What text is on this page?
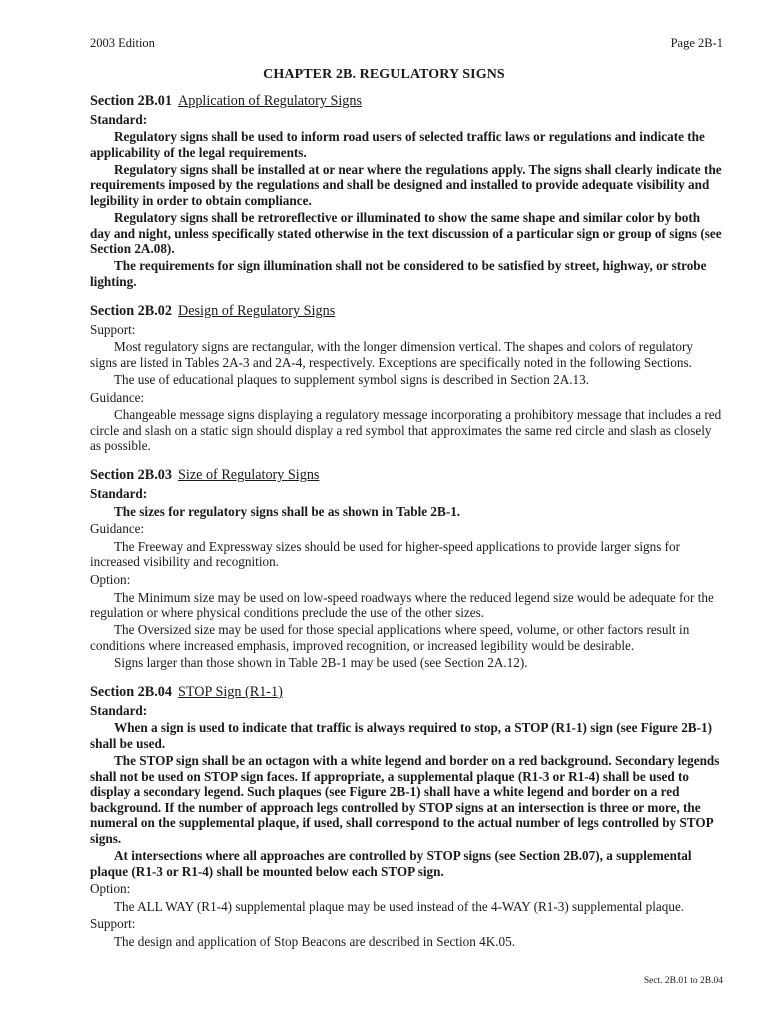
2003 Edition	Page 2B-1
CHAPTER 2B. REGULATORY SIGNS
Section 2B.01 Application of Regulatory Signs
Standard:

Regulatory signs shall be used to inform road users of selected traffic laws or regulations and indicate the applicability of the legal requirements.

Regulatory signs shall be installed at or near where the regulations apply. The signs shall clearly indicate the requirements imposed by the regulations and shall be designed and installed to provide adequate visibility and legibility in order to obtain compliance.

Regulatory signs shall be retroreflective or illuminated to show the same shape and similar color by both day and night, unless specifically stated otherwise in the text discussion of a particular sign or group of signs (see Section 2A.08).

The requirements for sign illumination shall not be considered to be satisfied by street, highway, or strobe lighting.

Section 2B.02 Design of Regulatory Signs
Support:

Most regulatory signs are rectangular, with the longer dimension vertical. The shapes and colors of regulatory signs are listed in Tables 2A-3 and 2A-4, respectively. Exceptions are specifically noted in the following Sections.

The use of educational plaques to supplement symbol signs is described in Section 2A.13.

Guidance:

Changeable message signs displaying a regulatory message incorporating a prohibitory message that includes a red circle and slash on a static sign should display a red symbol that approximates the same red circle and slash as closely as possible.

Section 2B.03 Size of Regulatory Signs
Standard:

The sizes for regulatory signs shall be as shown in Table 2B-1.

Guidance:

The Freeway and Expressway sizes should be used for higher-speed applications to provide larger signs for increased visibility and recognition.

Option:

The Minimum size may be used on low-speed roadways where the reduced legend size would be adequate for the regulation or where physical conditions preclude the use of the other sizes.

The Oversized size may be used for those special applications where speed, volume, or other factors result in conditions where increased emphasis, improved recognition, or increased legibility would be desirable.

Signs larger than those shown in Table 2B-1 may be used (see Section 2A.12).

Section 2B.04 STOP Sign (R1-1)
Standard:

When a sign is used to indicate that traffic is always required to stop, a STOP (R1-1) sign (see Figure 2B-1) shall be used.

The STOP sign shall be an octagon with a white legend and border on a red background. Secondary legends shall not be used on STOP sign faces. If appropriate, a supplemental plaque (R1-3 or R1-4) shall be used to display a secondary legend. Such plaques (see Figure 2B-1) shall have a white legend and border on a red background. If the number of approach legs controlled by STOP signs at an intersection is three or more, the numeral on the supplemental plaque, if used, shall correspond to the actual number of legs controlled by STOP signs.

At intersections where all approaches are controlled by STOP signs (see Section 2B.07), a supplemental plaque (R1-3 or R1-4) shall be mounted below each STOP sign.

Option:

The ALL WAY (R1-4) supplemental plaque may be used instead of the 4-WAY (R1-3) supplemental plaque.

Support:

The design and application of Stop Beacons are described in Section 4K.05.

Sect. 2B.01 to 2B.04
